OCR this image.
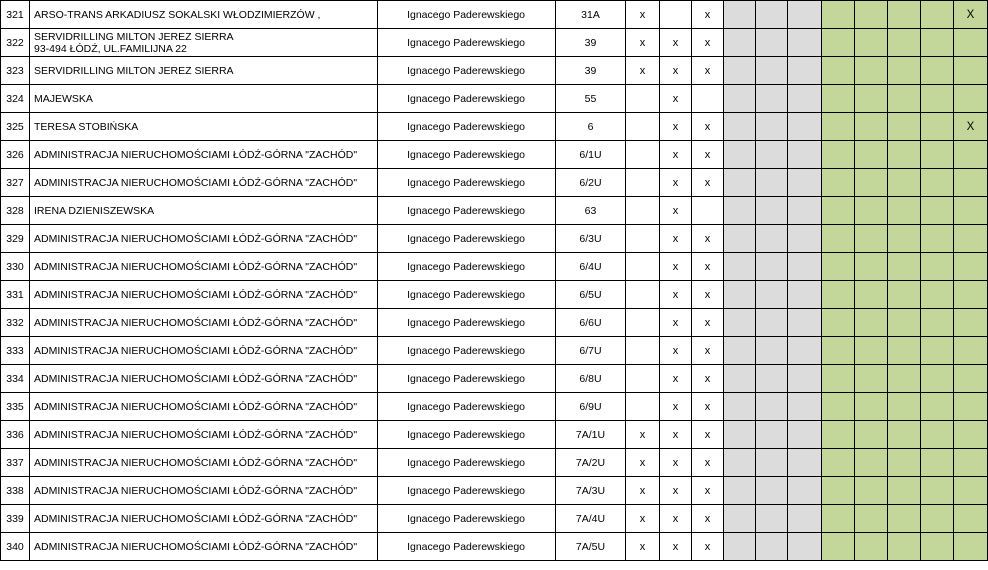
321	ARSO-TRANS ARKADIUSZ SOKALSKI WŁODZIMIERZÓW ,	Ignacego Paderewskiego	31A	x		x								X
322	SERVIDRILLING MILTON JEREZ SIERRA
93-494 ŁÓDŹ, UL.FAMILIJNA 22	Ignacego Paderewskiego	39	x	x	x								
323	SERVIDRILLING MILTON JEREZ SIERRA	Ignacego Paderewskiego	39	x	x	x								
324	MAJEWSKA	Ignacego Paderewskiego	55		x									
325	TERESA STOBIŃSKA	Ignacego Paderewskiego	6		x	x								X
326	ADMINISTRACJA NIERUCHOMOŚCIAMI ŁÓDŹ-GÓRNA "ZACHÓD"	Ignacego Paderewskiego	6/1U		x	x								
327	ADMINISTRACJA NIERUCHOMOŚCIAMI ŁÓDŹ-GÓRNA "ZACHÓD"	Ignacego Paderewskiego	6/2U		x	x								
328	IRENA DZIENISZEWSKA	Ignacego Paderewskiego	63		x									
329	ADMINISTRACJA NIERUCHOMOŚCIAMI ŁÓDŹ-GÓRNA "ZACHÓD"	Ignacego Paderewskiego	6/3U		x	x								
330	ADMINISTRACJA NIERUCHOMOŚCIAMI ŁÓDŹ-GÓRNA "ZACHÓD"	Ignacego Paderewskiego	6/4U		x	x								
331	ADMINISTRACJA NIERUCHOMOŚCIAMI ŁÓDŹ-GÓRNA "ZACHÓD"	Ignacego Paderewskiego	6/5U		x	x								
332	ADMINISTRACJA NIERUCHOMOŚCIAMI ŁÓDŹ-GÓRNA "ZACHÓD"	Ignacego Paderewskiego	6/6U		x	x								
333	ADMINISTRACJA NIERUCHOMOŚCIAMI ŁÓDŹ-GÓRNA "ZACHÓD"	Ignacego Paderewskiego	6/7U		x	x								
334	ADMINISTRACJA NIERUCHOMOŚCIAMI ŁÓDŹ-GÓRNA "ZACHÓD"	Ignacego Paderewskiego	6/8U		x	x								
335	ADMINISTRACJA NIERUCHOMOŚCIAMI ŁÓDŹ-GÓRNA "ZACHÓD"	Ignacego Paderewskiego	6/9U		x	x								
336	ADMINISTRACJA NIERUCHOMOŚCIAMI ŁÓDŹ-GÓRNA "ZACHÓD"	Ignacego Paderewskiego	7A/1U	x	x	x								
337	ADMINISTRACJA NIERUCHOMOŚCIAMI ŁÓDŹ-GÓRNA "ZACHÓD"	Ignacego Paderewskiego	7A/2U	x	x	x								
338	ADMINISTRACJA NIERUCHOMOŚCIAMI ŁÓDŹ-GÓRNA "ZACHÓD"	Ignacego Paderewskiego	7A/3U	x	x	x								
339	ADMINISTRACJA NIERUCHOMOŚCIAMI ŁÓDŹ-GÓRNA "ZACHÓD"	Ignacego Paderewskiego	7A/4U	x	x	x								
340	ADMINISTRACJA NIERUCHOMOŚCIAMI ŁÓDŹ-GÓRNA "ZACHÓD"	Ignacego Paderewskiego	7A/5U	x	x	x								
